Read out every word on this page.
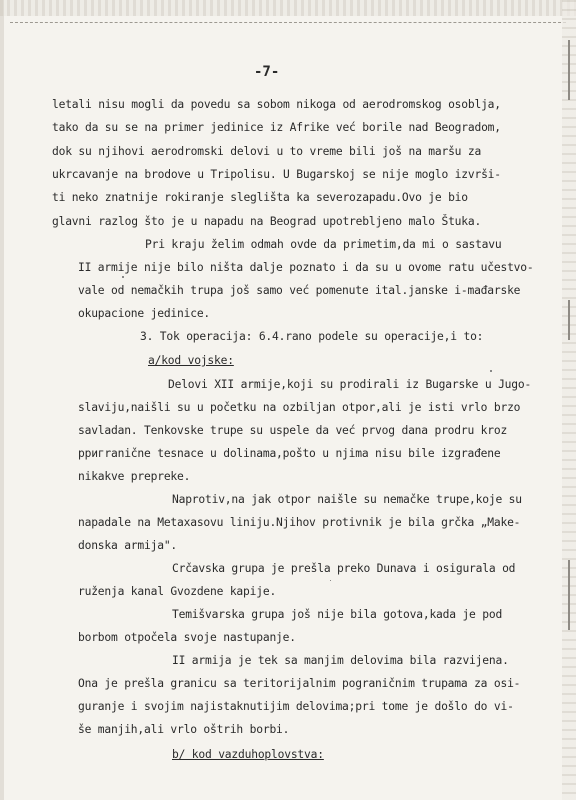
-7-
letali nisu mogli da povedu sa sobom nikoga od aerodromskog osoblja,
tako da su se na primer jedinice iz Afrike već borile nad Beogradom,
dok su njihovi aerodromski delovi u to vreme bili još na maršu za
ukrcavanje na brodove u Tripolisu. U Bugarskoj se nije moglo izvrši-
ti neko znatnije rokiranje sleglišta ka severozapadu.Ovo je bio
glavni razlog što je u napadu na Beograd upotrebljeno malo Štuka.
Pri kraju želim odmah ovde da primetim,da mi o sastavu
II armije nije bilo ništa dalje poznato i da su u ovome ratu učestvo-
vale od nemačkih trupa još samo već pomenute ital.janske i-mađarske
okupacione jedinice.
3. Tok operacija: 6.4.rano podele su operacije,i to:
a/kod vojske:
Delovi XII armije,koji su prodirali iz Bugarske u Jugo-
slaviju,naišli su u početku na ozbiljan otpor,ali je isti vrlo brzo
savladan. Tenkovske trupe su uspele da već prvog dana prodru kroz
pригranične tesnace u dolinama,pošto u njima nisu bile izgrađene
nikakve prepreke.
Naprotiv,na jak otpor naišle su nemačke trupe,koje su
napadale na Metaxasovu liniju.Njihov protivnik je bila grčka „Make-
donska armija".
Crčavska grupa je prešla preko Dunava i osigurala od
ruženja kanal Gvozdene kapije.
Temišvarska grupa još nije bila gotova,kada je pod
borbom otpočela svoje nastupanje.
II armija je tek sa manjim delovima bila razvijena.
Ona je prešla granicu sa teritorijalnim pograničnim trupama za osi-
guranje i svojim najistaknutijim delovima;pri tome je došlo do vi-
še manjih,ali vrlo oštrih borbi.
b/ kod vazduhoplovstva:
